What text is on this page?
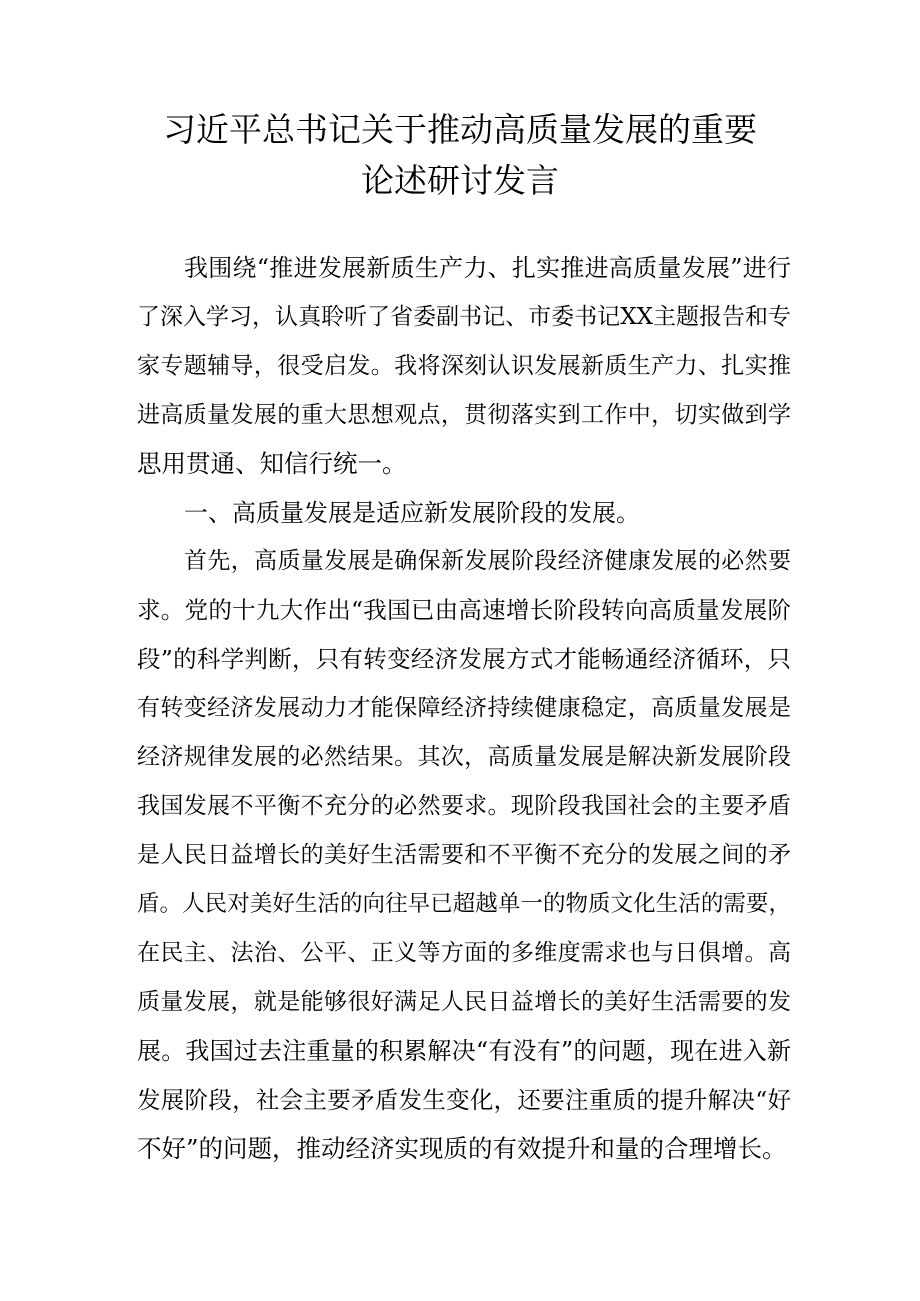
习近平总书记关于推动高质量发展的重要
论述研讨发言
我围绕“推进发展新质生产力、扎实推进高质量发展”进行
了深入学习，认真聆听了省委副书记、市委书记XX主题报告和专
家专题辅导，很受启发。我将深刻认识发展新质生产力、扎实推
进高质量发展的重大思想观点，贯彻落实到工作中，切实做到学
思用贯通、知信行统一。
一、高质量发展是适应新发展阶段的发展。
首先，高质量发展是确保新发展阶段经济健康发展的必然要
求。党的十九大作出“我国已由高速增长阶段转向高质量发展阶
段”的科学判断，只有转变经济发展方式才能畅通经济循环，只
有转变经济发展动力才能保障经济持续健康稳定，高质量发展是
经济规律发展的必然结果。其次，高质量发展是解决新发展阶段
我国发展不平衡不充分的必然要求。现阶段我国社会的主要矛盾
是人民日益增长的美好生活需要和不平衡不充分的发展之间的矛
盾。人民对美好生活的向往早已超越单一的物质文化生活的需要，
在民主、法治、公平、正义等方面的多维度需求也与日俱增。高
质量发展，就是能够很好满足人民日益增长的美好生活需要的发
展。我国过去注重量的积累解决“有没有”的问题，现在进入新
发展阶段，社会主要矛盾发生变化，还要注重质的提升解决“好
不好”的问题，推动经济实现质的有效提升和量的合理增长。
